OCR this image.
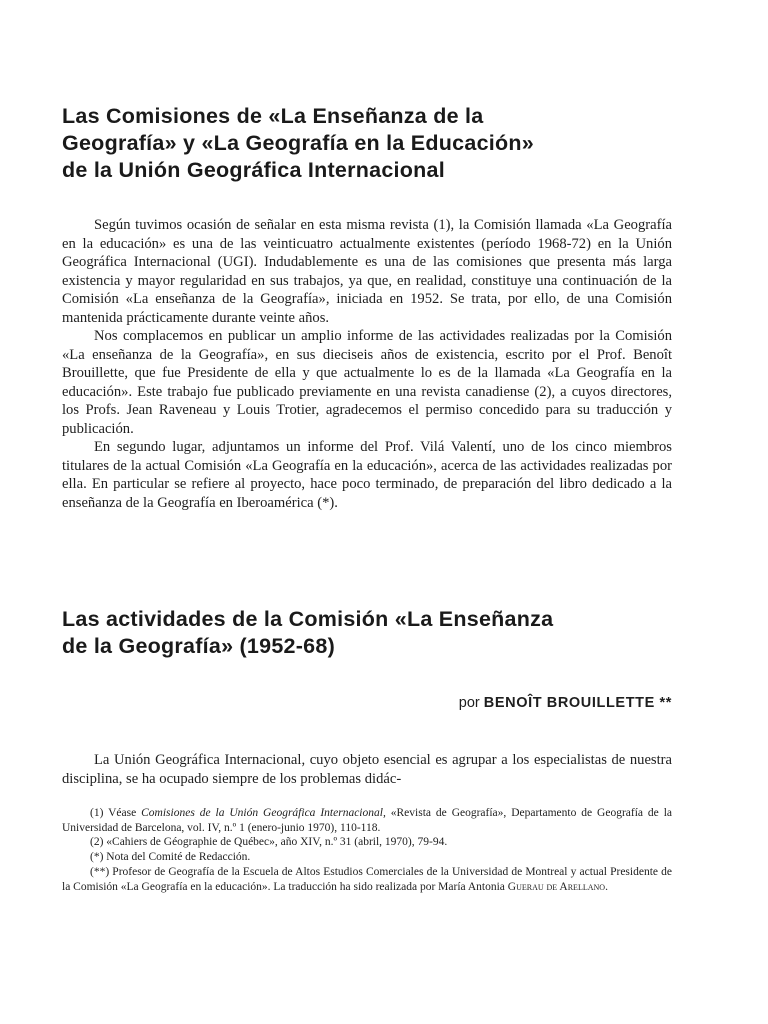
Las Comisiones de «La Enseñanza de la
Geografía» y «La Geografía en la Educación»
de la Unión Geográfica Internacional

Según tuvimos ocasión de señalar en esta misma revista (1), la Comisión llamada «La Geografía en la educación» es una de las veinticuatro actualmente existentes (período 1968-72) en la Unión Geográfica Internacional (UGI). Indudablemente es una de las comisiones que presenta más larga existencia y mayor regularidad en sus trabajos, ya que, en realidad, constituye una continuación de la Comisión «La enseñanza de la Geografía», iniciada en 1952. Se trata, por ello, de una Comisión mantenida prácticamente durante veinte años.

Nos complacemos en publicar un amplio informe de las actividades realizadas por la Comisión «La enseñanza de la Geografía», en sus dieciseis años de existencia, escrito por el Prof. Benoît Brouillette, que fue Presidente de ella y que actualmente lo es de la llamada «La Geografía en la educación». Este trabajo fue publicado previamente en una revista canadiense (2), a cuyos directores, los Profs. Jean Raveneau y Louis Trotier, agradecemos el permiso concedido para su traducción y publicación.

En segundo lugar, adjuntamos un informe del Prof. Vilá Valentí, uno de los cinco miembros titulares de la actual Comisión «La Geografía en la educación», acerca de las actividades realizadas por ella. En particular se refiere al proyecto, hace poco terminado, de preparación del libro dedicado a la enseñanza de la Geografía en Iberoamérica (*).

Las actividades de la Comisión «La Enseñanza
de la Geografía» (1952-68)
por BENOÎT BROUILLETTE **

La Unión Geográfica Internacional, cuyo objeto esencial es agrupar a los especialistas de nuestra disciplina, se ha ocupado siempre de los problemas didác-

(1) Véase Comisiones de la Unión Geográfica Internacional, «Revista de Geografía», Departamento de Geografía de la Universidad de Barcelona, vol. IV, n.º 1 (enero-junio 1970), 110-118.

(2) «Cahiers de Géographie de Québec», año XIV, n.º 31 (abril, 1970), 79-94.

(*) Nota del Comité de Redacción.

(**) Profesor de Geografía de la Escuela de Altos Estudios Comerciales de la Universidad de Montreal y actual Presidente de la Comisión «La Geografía en la educación». La traducción ha sido realizada por María Antonia Guerau de Arellano.
